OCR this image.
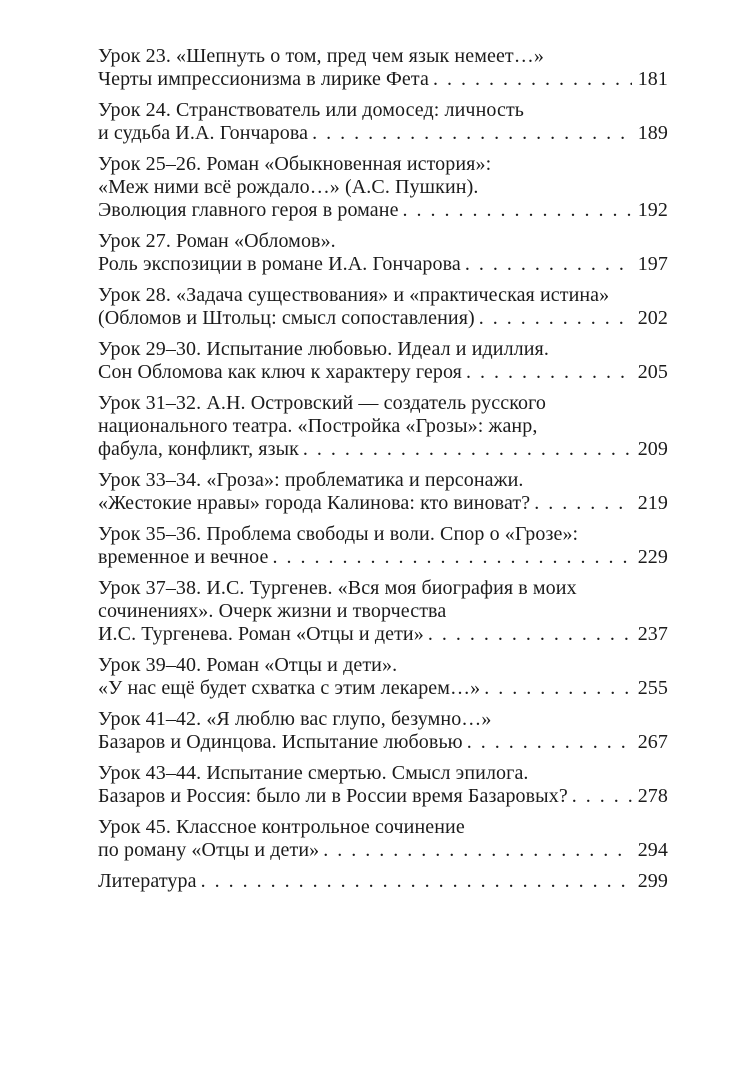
Урок 23. «Шепнуть о том, пред чем язык немеет…»
Черты импрессионизма в лирике Фета . . .	181
Урок 24. Странствователь или домосед: личность
и судьба И.А. Гончарова . . .	189
Урок 25–26. Роман «Обыкновенная история»:
«Меж ними всё рождало…» (А.С. Пушкин).
Эволюция главного героя в романе . . .	192
Урок 27. Роман «Обломов».
Роль экспозиции в романе И.А. Гончарова . . .	197
Урок 28. «Задача существования» и «практическая истина»
(Обломов и Штольц: смысл сопоставления) . . .	202
Урок 29–30. Испытание любовью. Идеал и идиллия.
Сон Обломова как ключ к характеру героя . . .	205
Урок 31–32. А.Н. Островский — создатель русского
национального театра. «Постройка «Грозы»: жанр,
фабула, конфликт, язык . . .	209
Урок 33–34. «Гроза»: проблематика и персонажи.
«Жестокие нравы» города Калинова: кто виноват? . . .	219
Урок 35–36. Проблема свободы и воли. Спор о «Грозе»:
временное и вечное . . .	229
Урок 37–38. И.С. Тургенев. «Вся моя биография в моих
сочинениях». Очерк жизни и творчества
И.С. Тургенева. Роман «Отцы и дети» . . .	237
Урок 39–40. Роман «Отцы и дети».
«У нас ещё будет схватка с этим лекарем…» . . .	255
Урок 41–42. «Я люблю вас глупо, безумно…»
Базаров и Одинцова. Испытание любовью . . .	267
Урок 43–44. Испытание смертью. Смысл эпилога.
Базаров и Россия: было ли в России время Базаровых? . . .	278
Урок 45. Классное контрольное сочинение
по роману «Отцы и дети» . . .	294
Литература . . .	299
